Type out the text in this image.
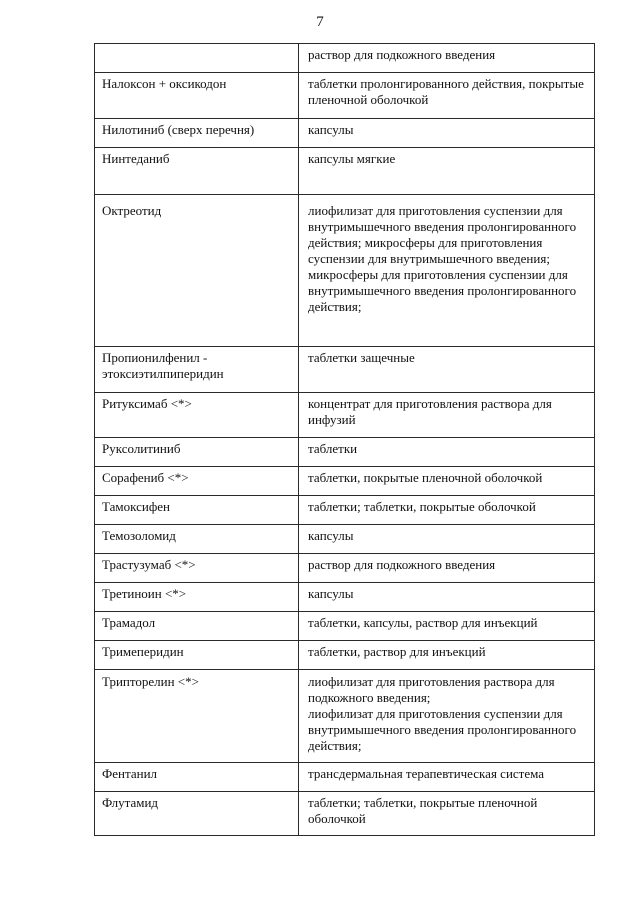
7
	раствор для подкожного введения
Налоксон + оксикодон	таблетки пролонгированного действия, покрытые пленочной оболочкой
Нилотиниб (сверх перечня)	капсулы
Нинтеданиб	капсулы мягкие
Октреотид	лиофилизат для приготовления суспензии для внутримышечного введения пролонгированного действия; микросферы для приготовления суспензии для внутримышечного введения; микросферы для приготовления суспензии для внутримышечного введения пролонгированного действия;
Пропионилфенил - этоксиэтилпиперидин	таблетки защечные
Ритуксимаб <*>	концентрат для приготовления раствора для инфузий
Руксолитиниб	таблетки
Сорафениб <*>	таблетки, покрытые пленочной оболочкой
Тамоксифен	таблетки; таблетки, покрытые оболочкой
Темозоломид	капсулы
Трастузумаб <*>	раствор для подкожного введения
Третиноин <*>	капсулы
Трамадол	таблетки, капсулы, раствор для инъекций
Тримеперидин	таблетки, раствор для инъекций
Трипторелин <*>	лиофилизат для приготовления раствора для подкожного введения;
лиофилизат для приготовления суспензии для внутримышечного введения пролонгированного действия;
Фентанил	трансдермальная терапевтическая система
Флутамид	таблетки; таблетки, покрытые пленочной оболочкой
